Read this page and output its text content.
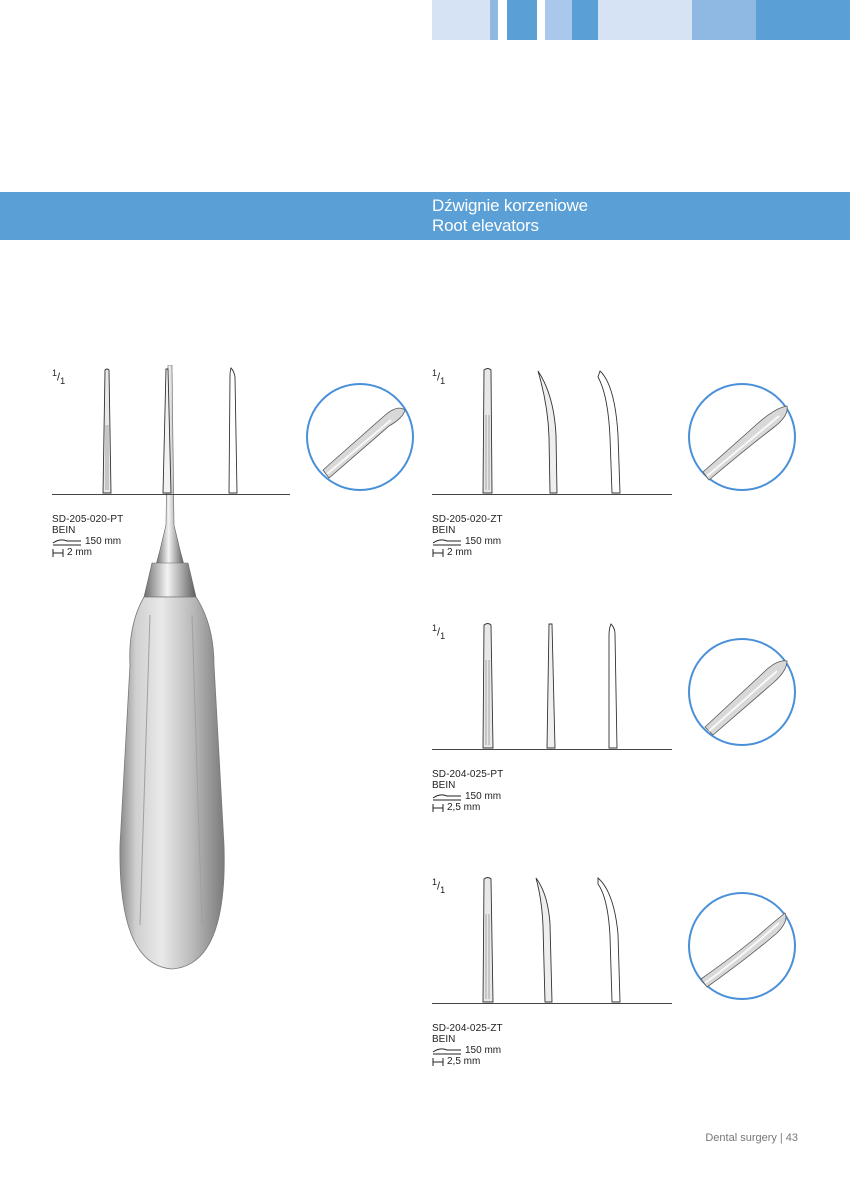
Dźwignie korzeniowe
Root elevators
$^1/_1$
SD-205-020-PT
BEIN
150 mm
2 mm
$^1/_1$
SD-205-020-ZT
BEIN
150 mm
2 mm
$^1/_1$
SD-204-025-PT
BEIN
150 mm
2,5 mm
$^1/_1$
SD-204-025-ZT
BEIN
150 mm
2,5 mm
Dental surgery | 43
